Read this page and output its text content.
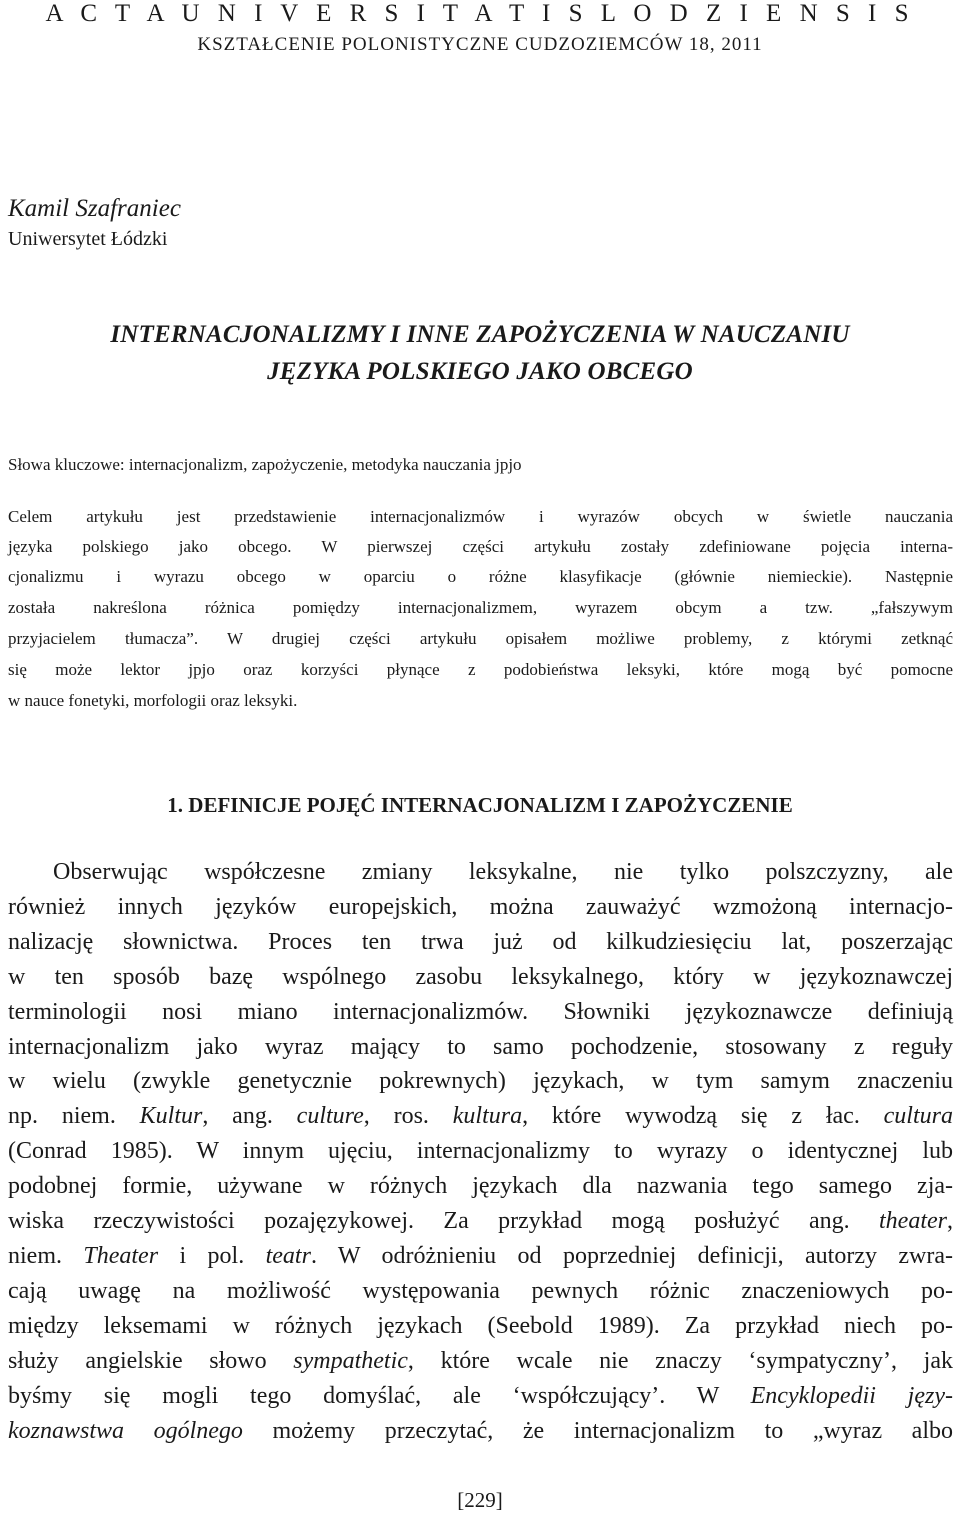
A C T A U N I V E R S I T A T I S L O D Z I E N S I S
KSZTAŁCENIE POLONISTYCZNE CUDZOZIEMCÓW 18, 2011
Kamil Szafraniec
Uniwersytet Łódzki
INTERNACJONALIZMY I INNE ZAPOŻYCZENIA W NAUCZANIU
JĘZYKA POLSKIEGO JAKO OBCEGO
Słowa kluczowe: internacjonalizm, zapożyczenie, metodyka nauczania jpjo
Celem artykułu jest przedstawienie internacjonalizmów i wyrazów obcych w świetle nauczania
języka polskiego jako obcego. W pierwszej części artykułu zostały zdefiniowane pojęcia interna-
cjonalizmu i wyrazu obcego w oparciu o różne klasyfikacje (głównie niemieckie). Następnie
została nakreślona różnica pomiędzy internacjonalizmem, wyrazem obcym a tzw. „fałszywym
przyjacielem tłumacza”. W drugiej części artykułu opisałem możliwe problemy, z którymi zetknąć
się może lektor jpjo oraz korzyści płynące z podobieństwa leksyki, które mogą być pomocne
w nauce fonetyki, morfologii oraz leksyki.
1. DEFINICJE POJĘĆ INTERNACJONALIZM I ZAPOŻYCZENIE
Obserwując współczesne zmiany leksykalne, nie tylko polszczyzny, ale
również innych języków europejskich, można zauważyć wzmożoną internacjo-
nalizację słownictwa. Proces ten trwa już od kilkudziesięciu lat, poszerzając
w ten sposób bazę wspólnego zasobu leksykalnego, który w językoznawczej
terminologii nosi miano internacjonalizmów. Słowniki językoznawcze definiują
internacjonalizm jako wyraz mający to samo pochodzenie, stosowany z reguły
w wielu (zwykle genetycznie pokrewnych) językach, w tym samym znaczeniu
np. niem. Kultur, ang. culture, ros. kultura, które wywodzą się z łac. cultura
(Conrad 1985). W innym ujęciu, internacjonalizmy to wyrazy o identycznej lub
podobnej formie, używane w różnych językach dla nazwania tego samego zja-
wiska rzeczywistości pozajęzykowej. Za przykład mogą posłużyć ang. theater,
niem. Theater i pol. teatr. W odróżnieniu od poprzedniej definicji, autorzy zwra-
cają uwagę na możliwość występowania pewnych różnic znaczeniowych po-
między leksemami w różnych językach (Seebold 1989). Za przykład niech po-
służy angielskie słowo sympathetic, które wcale nie znaczy ‘sympatyczny’, jak
byśmy się mogli tego domyślać, ale ‘współczujący’. W Encyklopedii języ-
koznawstwa ogólnego możemy przeczytać, że internacjonalizm to „wyraz albo
[229]
